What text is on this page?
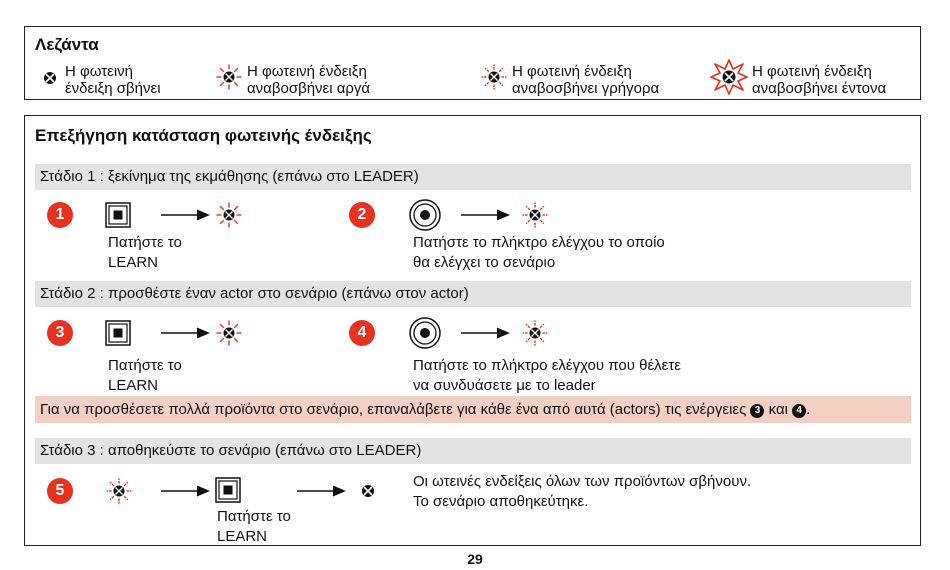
Λεζάντα
Η φωτεινή
ένδειξη σβήνει
Η φωτεινή ένδειξη
αναβοσβήνει αργά
Η φωτεινή ένδειξη
αναβοσβήνει γρήγορα
Η φωτεινή ένδειξη
αναβοσβήνει έντονα
Επεξήγηση κατάσταση φωτεινής ένδειξης
Στάδιο 1 : ξεκίνημα της εκμάθησης (επάνω στο LEADER)
1
Πατήστε το
LEARN
2
Πατήστε το πλήκτρο ελέγχου το οποίο
θα ελέγχει το σενάριο
Στάδιο 2 : προσθέστε έναν actor στο σενάριο (επάνω στον actor)
3
Πατήστε το
LEARN
4
Πατήστε το πλήκτρο ελέγχου που θέλετε
να συνδυάσετε με το leader
Για να προσθέσετε πολλά προϊόντα στο σενάριο, επαναλάβετε για κάθε ένα από αυτά (actors) τις ενέργειες 3 και 4 .
Στάδιο 3 : αποθηκεύστε το σενάριο (επάνω στο LEADER)
5
Πατήστε το
LEARN
Οι ωτεινές ενδείξεις όλων των προϊόντων σβήνουν.
Το σενάριο αποθηκεύτηκε.
29
